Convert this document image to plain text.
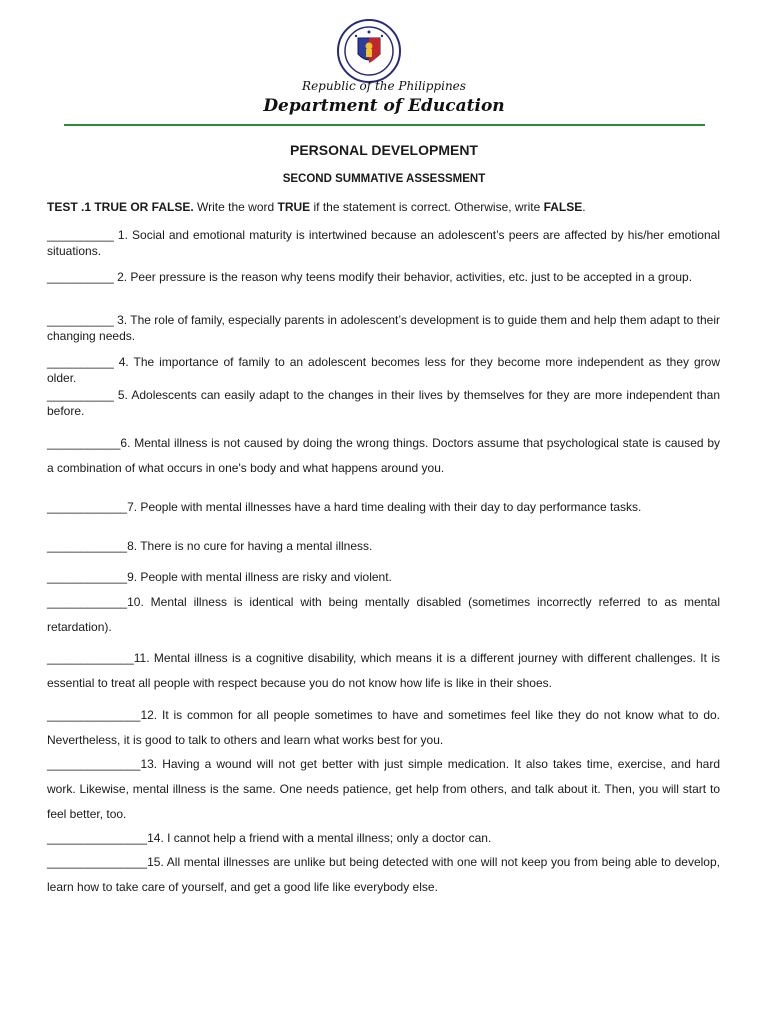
Republic of the Philippines
Department of Education
PERSONAL DEVELOPMENT
SECOND SUMMATIVE ASSESSMENT
TEST .1 TRUE OR FALSE. Write the word TRUE if the statement is correct. Otherwise, write FALSE.
__________ 1. Social and emotional maturity is intertwined because an adolescent’s peers are affected by his/her emotional situations.
__________ 2. Peer pressure is the reason why teens modify their behavior, activities, etc. just to be accepted in a group.
__________ 3. The role of family, especially parents in adolescent’s development is to guide them and help them adapt to their changing needs.
__________ 4. The importance of family to an adolescent becomes less for they become more independent as they grow older.
__________ 5. Adolescents can easily adapt to the changes in their lives by themselves for they are more independent than before.
___________6. Mental illness is not caused by doing the wrong things. Doctors assume that psychological state is caused by a combination of what occurs in one's body and what happens around you.
____________7. People with mental illnesses have a hard time dealing with their day to day performance tasks.
____________8. There is no cure for having a mental illness.
____________9. People with mental illness are risky and violent.
____________10. Mental illness is identical with being mentally disabled (sometimes incorrectly referred to as mental retardation).
_____________11. Mental illness is a cognitive disability, which means it is a different journey with different challenges. It is essential to treat all people with respect because you do not know how life is like in their shoes.
______________12. It is common for all people sometimes to have and sometimes feel like they do not know what to do. Nevertheless, it is good to talk to others and learn what works best for you.
______________13. Having a wound will not get better with just simple medication. It also takes time, exercise, and hard work. Likewise, mental illness is the same. One needs patience, get help from others, and talk about it. Then, you will start to feel better, too.
_______________14. I cannot help a friend with a mental illness; only a doctor can.
_______________15. All mental illnesses are unlike but being detected with one will not keep you from being able to develop, learn how to take care of yourself, and get a good life like everybody else.
